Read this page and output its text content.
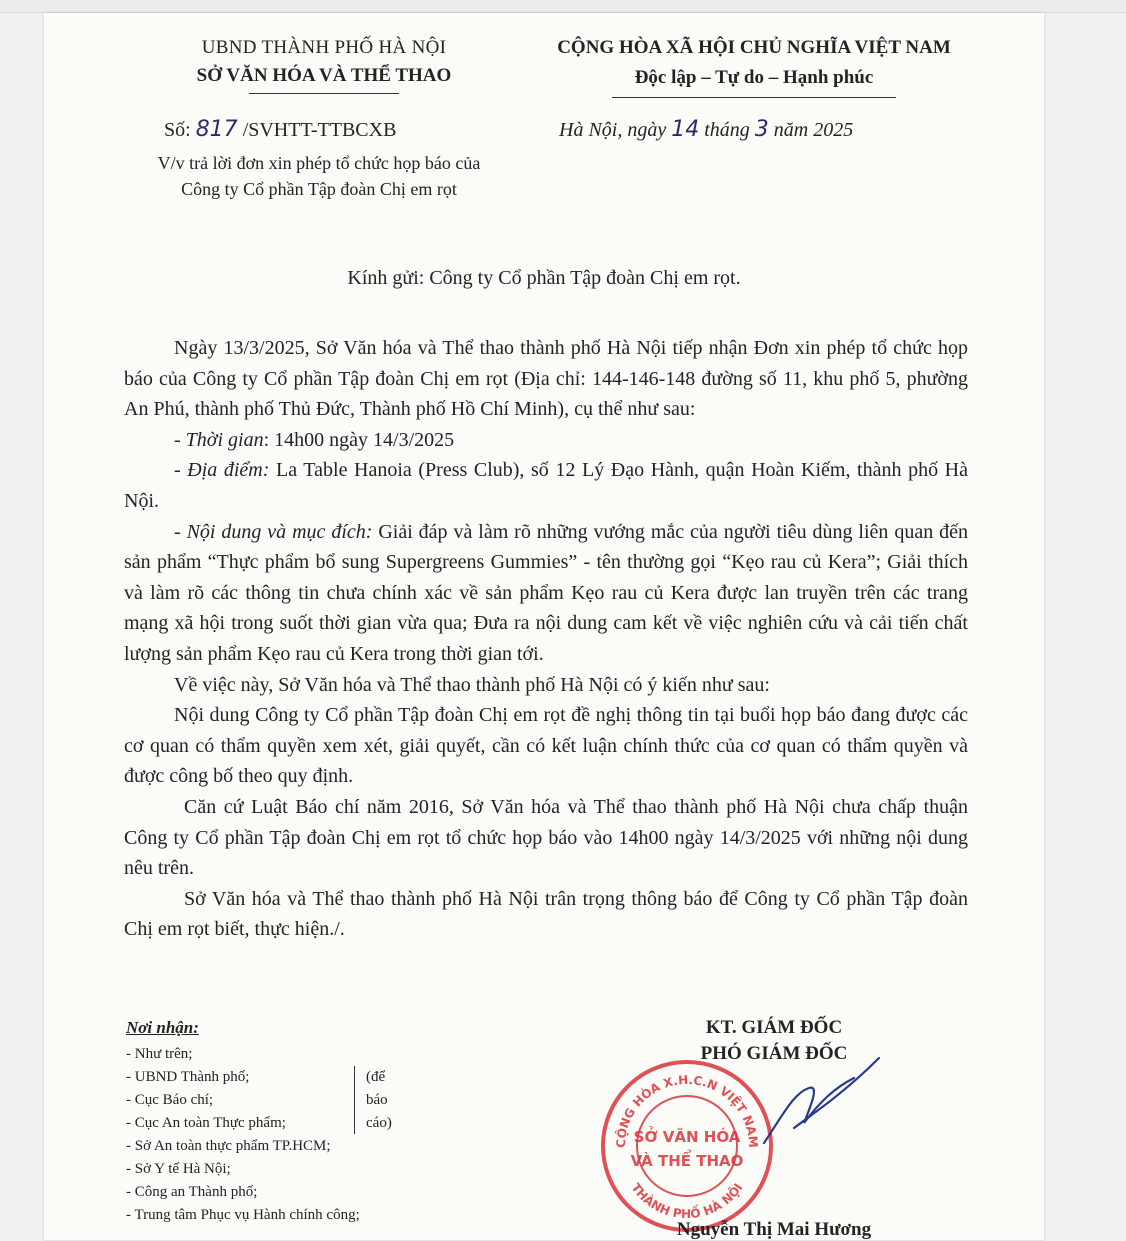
UBND THÀNH PHỐ HÀ NỘI
SỞ VĂN HÓA VÀ THỂ THAO
CỘNG HÒA XÃ HỘI CHỦ NGHĨA VIỆT NAM
Độc lập – Tự do – Hạnh phúc
Số: 817 /SVHTT-TTBCXB	Hà Nội, ngày 14 tháng 3 năm 2025
V/v trả lời đơn xin phép tổ chức họp báo của Công ty Cổ phần Tập đoàn Chị em rọt
Kính gửi: Công ty Cổ phần Tập đoàn Chị em rọt.

Ngày 13/3/2025, Sở Văn hóa và Thể thao thành phố Hà Nội tiếp nhận Đơn xin phép tổ chức họp báo của Công ty Cổ phần Tập đoàn Chị em rọt (Địa chỉ: 144-146-148 đường số 11, khu phố 5, phường An Phú, thành phố Thủ Đức, Thành phố Hồ Chí Minh), cụ thể như sau:

- Thời gian: 14h00 ngày 14/3/2025

- Địa điểm: La Table Hanoia (Press Club), số 12 Lý Đạo Hành, quận Hoàn Kiếm, thành phố Hà Nội.

- Nội dung và mục đích: Giải đáp và làm rõ những vướng mắc của người tiêu dùng liên quan đến sản phẩm “Thực phẩm bổ sung Supergreens Gummies” - tên thường gọi “Kẹo rau củ Kera”; Giải thích và làm rõ các thông tin chưa chính xác về sản phẩm Kẹo rau củ Kera được lan truyền trên các trang mạng xã hội trong suốt thời gian vừa qua; Đưa ra nội dung cam kết về việc nghiên cứu và cải tiến chất lượng sản phẩm Kẹo rau củ Kera trong thời gian tới.

Về việc này, Sở Văn hóa và Thể thao thành phố Hà Nội có ý kiến như sau:

Nội dung Công ty Cổ phần Tập đoàn Chị em rọt đề nghị thông tin tại buổi họp báo đang được các cơ quan có thẩm quyền xem xét, giải quyết, cần có kết luận chính thức của cơ quan có thẩm quyền và được công bố theo quy định.

Căn cứ Luật Báo chí năm 2016, Sở Văn hóa và Thể thao thành phố Hà Nội chưa chấp thuận Công ty Cổ phần Tập đoàn Chị em rọt tổ chức họp báo vào 14h00 ngày 14/3/2025 với những nội dung nêu trên.

Sở Văn hóa và Thể thao thành phố Hà Nội trân trọng thông báo để Công ty Cổ phần Tập đoàn Chị em rọt biết, thực hiện./.

Nơi nhận:
- Như trên;
- UBND Thành phố;
- Cục Báo chí;
- Cục An toàn Thực phẩm;
- Sở An toàn thực phẩm TP.HCM;
- Sở Y tế Hà Nội;
- Công an Thành phố;
- Trung tâm Phục vụ Hành chính công;
(để
báo
cáo)
KT. GIÁM ĐỐC
PHÓ GIÁM ĐỐC
CỘNG HÒA X.H.C.N VIỆT NAM
THÀNH PHỐ HÀ NỘI
SỞ VĂN HÓA
VÀ THỂ THAO
Nguyễn Thị Mai Hương
